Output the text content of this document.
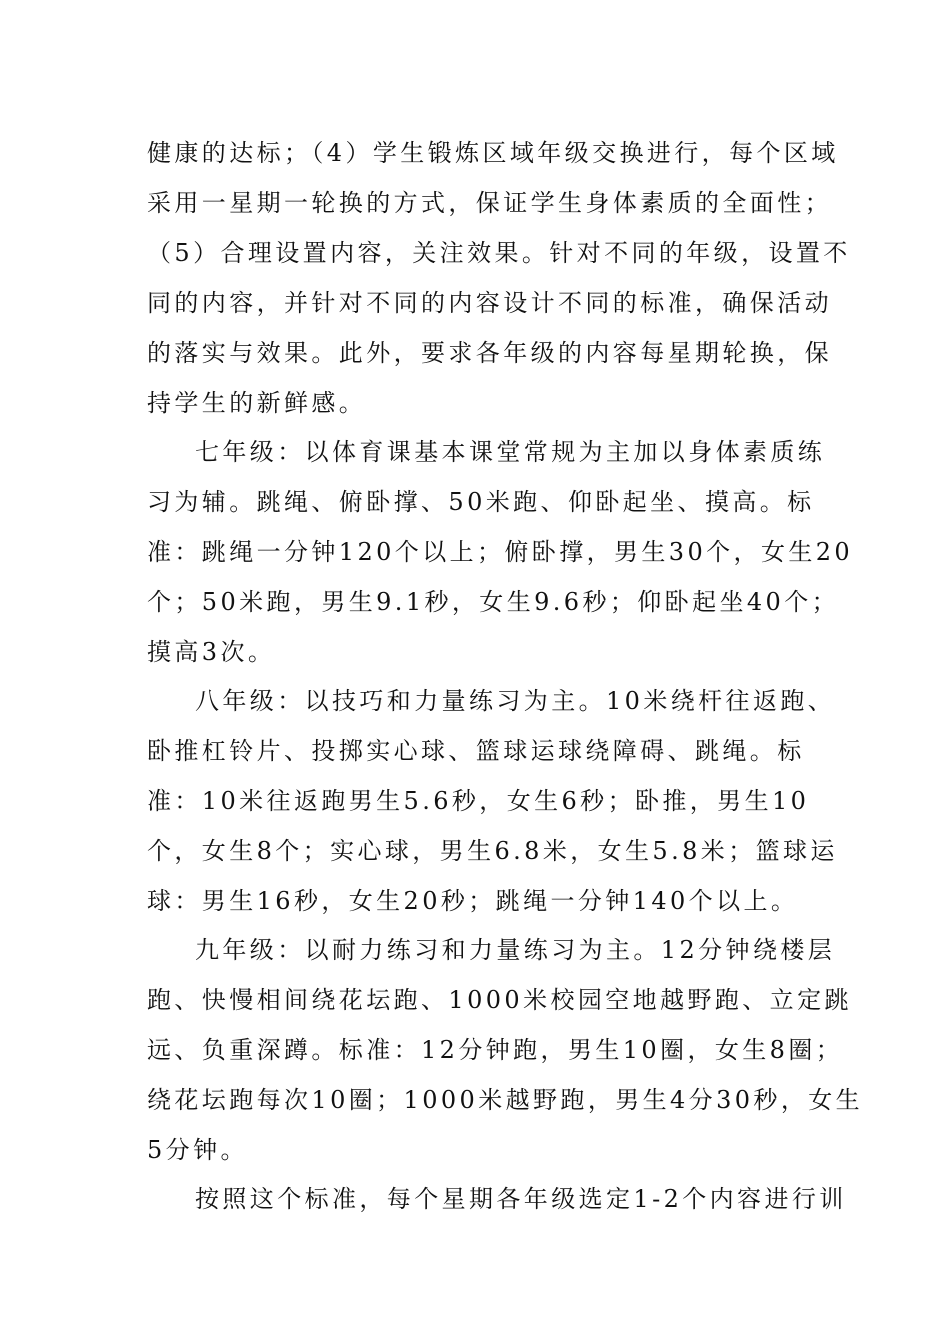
健康的达标；（4）学生锻炼区域年级交换进行，每个区域
采用一星期一轮换的方式，保证学生身体素质的全面性；
（5）合理设置内容，关注效果。针对不同的年级，设置不
同的内容，并针对不同的内容设计不同的标准，确保活动
的落实与效果。此外，要求各年级的内容每星期轮换，保
持学生的新鲜感。
七年级：以体育课基本课堂常规为主加以身体素质练
习为辅。跳绳、俯卧撑、50米跑、仰卧起坐、摸高。标
准：跳绳一分钟120个以上；俯卧撑，男生30个，女生20
个；50米跑，男生9.1秒，女生9.6秒；仰卧起坐40个；
摸高3次。
八年级：以技巧和力量练习为主。10米绕杆往返跑、
卧推杠铃片、投掷实心球、篮球运球绕障碍、跳绳。标
准：10米往返跑男生5.6秒，女生6秒；卧推，男生10
个，女生8个；实心球，男生6.8米，女生5.8米；篮球运
球：男生16秒，女生20秒；跳绳一分钟140个以上。
九年级：以耐力练习和力量练习为主。12分钟绕楼层
跑、快慢相间绕花坛跑、1000米校园空地越野跑、立定跳
远、负重深蹲。标准：12分钟跑，男生10圈，女生8圈；
绕花坛跑每次10圈；1000米越野跑，男生4分30秒，女生
5分钟。
按照这个标准，每个星期各年级选定1-2个内容进行训
